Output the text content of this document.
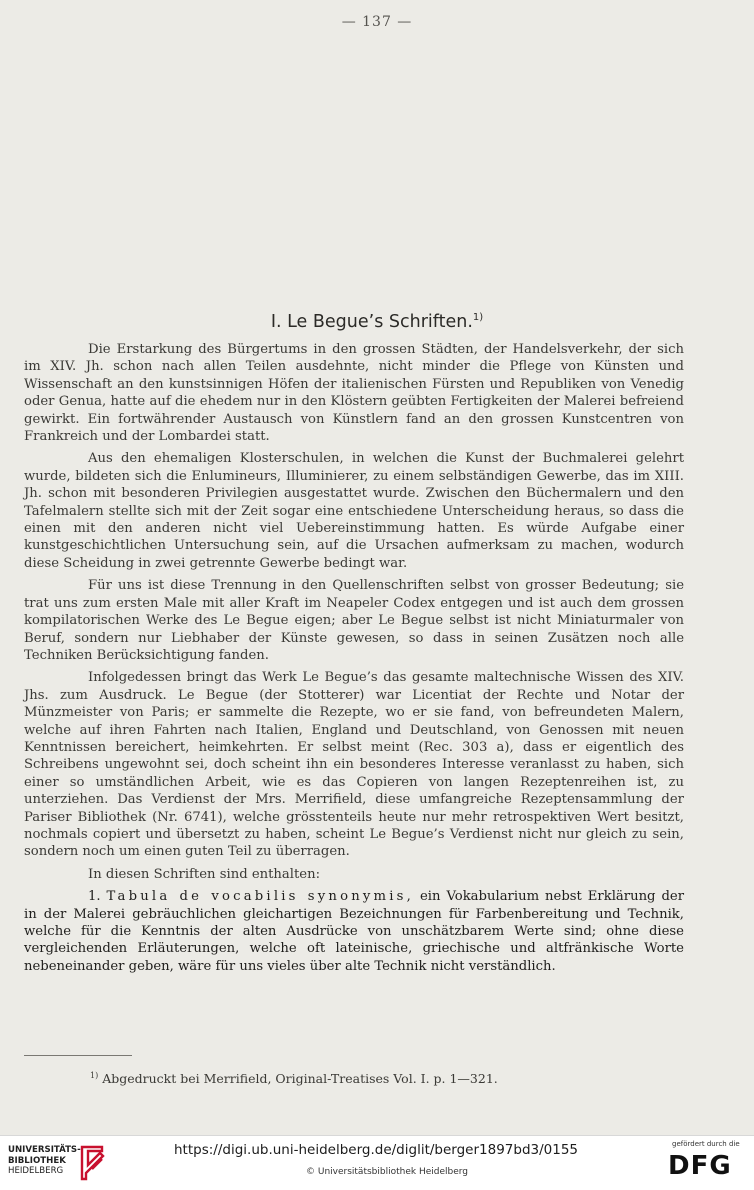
— 137 —
I. Le Begue’s Schriften.$^{1)}$

Die Erstarkung des Bürgertums in den grossen Städten, der Handelsverkehr, der sich im XIV. Jh. schon nach allen Teilen ausdehnte, nicht minder die Pflege von Künsten und Wissenschaft an den kunstsinnigen Höfen der italienischen Fürsten und Republiken von Venedig oder Genua, hatte auf die ehedem nur in den Klöstern geübten Fertigkeiten der Malerei befreiend gewirkt. Ein fortwährender Austausch von Künstlern fand an den grossen Kunstcentren von Frankreich und der Lombardei statt.

Aus den ehemaligen Klosterschulen, in welchen die Kunst der Buchmalerei gelehrt wurde, bildeten sich die Enlumineurs, Illuminierer, zu einem selbständigen Gewerbe, das im XIII. Jh. schon mit besonderen Privilegien ausgestattet wurde. Zwischen den Büchermalern und den Tafelmalern stellte sich mit der Zeit sogar eine entschiedene Unterscheidung heraus, so dass die einen mit den anderen nicht viel Uebereinstimmung hatten. Es würde Aufgabe einer kunstgeschichtlichen Untersuchung sein, auf die Ursachen aufmerksam zu machen, wodurch diese Scheidung in zwei getrennte Gewerbe bedingt war.

Für uns ist diese Trennung in den Quellenschriften selbst von grosser Bedeutung; sie trat uns zum ersten Male mit aller Kraft im Neapeler Codex entgegen und ist auch dem grossen kompilatorischen Werke des Le Begue eigen; aber Le Begue selbst ist nicht Miniaturmaler von Beruf, sondern nur Liebhaber der Künste gewesen, so dass in seinen Zusätzen noch alle Techniken Berücksichtigung fanden.

Infolgedessen bringt das Werk Le Begue’s das gesamte maltechnische Wissen des XIV. Jhs. zum Ausdruck. Le Begue (der Stotterer) war Licentiat der Rechte und Notar der Münzmeister von Paris; er sammelte die Rezepte, wo er sie fand, von befreundeten Malern, welche auf ihren Fahrten nach Italien, England und Deutschland, von Genossen mit neuen Kenntnissen bereichert, heimkehrten. Er selbst meint (Rec. 303 a), dass er eigentlich des Schreibens ungewohnt sei, doch scheint ihn ein besonderes Interesse veranlasst zu haben, sich einer so umständlichen Arbeit, wie es das Copieren von langen Rezeptenreihen ist, zu unterziehen. Das Verdienst der Mrs. Merrifield, diese umfangreiche Rezeptensammlung der Pariser Bibliothek (Nr. 6741), welche grösstenteils heute nur mehr retrospektiven Wert besitzt, nochmals copiert und übersetzt zu haben, scheint Le Begue’s Verdienst nicht nur gleich zu sein, sondern noch um einen guten Teil zu überragen.

In diesen Schriften sind enthalten:

1. Tabula de vocabilis synonymis, ein Vokabularium nebst Erklärung der in der Malerei gebräuchlichen gleichartigen Bezeichnungen für Farbenbereitung und Technik, welche für die Kenntnis der alten Ausdrücke von unschätzbarem Werte sind; ohne diese vergleichenden Erläuterungen, welche oft lateinische, griechische und altfränkische Worte nebeneinander geben, wäre für uns vieles über alte Technik nicht verständlich.

$^{1)}$ Abgedruckt bei Merrifield, Original-Treatises Vol. I. p. 1—321.
UNIVERSITÄTS-
BIBLIOTHEK
HEIDELBERG
https://digi.ub.uni-heidelberg.de/diglit/berger1897bd3/0155
© Universitätsbibliothek Heidelberg
gefördert durch die
DFG
